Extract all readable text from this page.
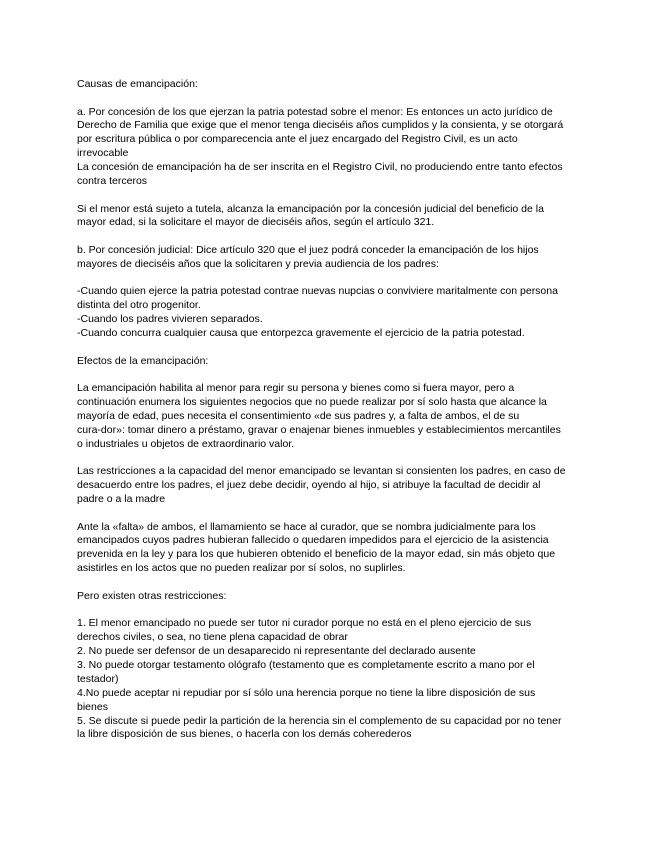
Causas de emancipación:
a. Por concesión de los que ejerzan la patria potestad sobre el menor: Es entonces un acto jurídico de
Derecho de Familia que exige que el menor tenga dieciséis años cumplidos y la consienta, y se otorgará
por escritura pública o por comparecencia ante el juez encargado del Registro Civil, es un acto
irrevocable
La concesión de emancipación ha de ser inscrita en el Registro Civil, no produciendo entre tanto efectos
contra terceros
Si el menor está sujeto a tutela, alcanza la emancipación por la concesión judicial del beneficio de la
mayor edad, si la solicitare el mayor de dieciséis años, según el artículo 321.
b. Por concesión judicial: Dice artículo 320 que el juez podrá conceder la emancipación de los hijos
mayores de dieciséis años que la solicitaren y previa audiencia de los padres:
-Cuando quien ejerce la patria potestad contrae nuevas nupcias o conviviere maritalmente con persona
distinta del otro progenitor.
-Cuando los padres vivieren separados.
-Cuando concurra cualquier causa que entorpezca gravemente el ejercicio de la patria potestad.
Efectos de la emancipación:
La emancipación habilita al menor para regir su persona y bienes como si fuera mayor, pero a
continuación enumera los siguientes negocios que no puede realizar por sí solo hasta que alcance la
mayoría de edad, pues necesita el consentimiento «de sus padres y, a falta de ambos, el de su
cura-dor»: tomar dinero a préstamo, gravar o enajenar bienes inmuebles y establecimientos mercantiles
o industriales u objetos de extraordinario valor.
Las restricciones a la capacidad del menor emancipado se levantan si consienten los padres, en caso de
desacuerdo entre los padres, el juez debe decidir, oyendo al hijo, si atribuye la facultad de decidir al
padre o a la madre
Ante la «falta» de ambos, el llamamiento se hace al curador, que se nombra judicialmente para los
emancipados cuyos padres hubieran fallecido o quedaren impedidos para el ejercicio de la asistencia
prevenida en la ley y para los que hubieren obtenido el beneficio de la mayor edad, sin más objeto que
asistirles en los actos que no pueden realizar por sí solos, no suplirles.
Pero existen otras restricciones:
1. El menor emancipado no puede ser tutor ni curador porque no está en el pleno ejercicio de sus
derechos civiles, o sea, no tiene plena capacidad de obrar
2. No puede ser defensor de un desaparecido ni representante del declarado ausente
3. No puede otorgar testamento ológrafo (testamento que es completamente escrito a mano por el
testador)
4.No puede aceptar ni repudiar por sí sólo una herencia porque no tiene la libre disposición de sus
bienes
5. Se discute si puede pedir la partición de la herencia sin el complemento de su capacidad por no tener
la libre disposición de sus bienes, o hacerla con los demás coherederos
